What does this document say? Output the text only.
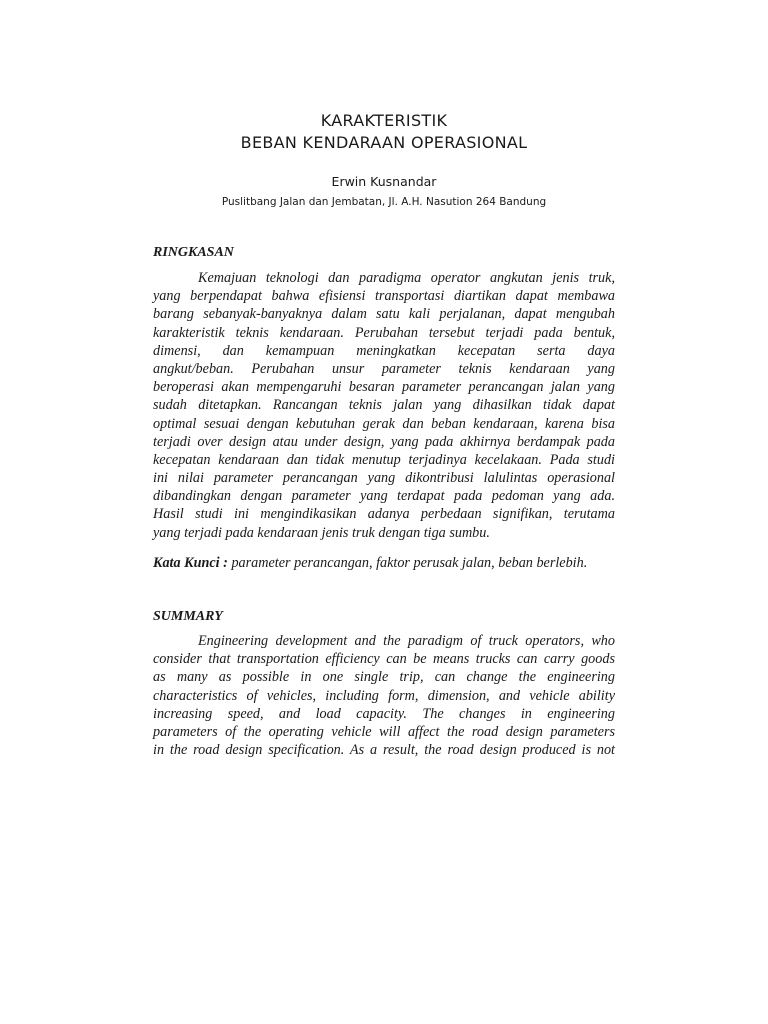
KARAKTERISTIK
BEBAN KENDARAAN OPERASIONAL
Erwin Kusnandar
Puslitbang Jalan dan Jembatan, Jl. A.H. Nasution 264 Bandung
RINGKASAN
Kemajuan teknologi dan paradigma operator angkutan jenis truk,
yang berpendapat bahwa efisiensi transportasi diartikan dapat membawa
barang sebanyak-banyaknya dalam satu kali perjalanan, dapat mengubah
karakteristik teknis kendaraan. Perubahan tersebut terjadi pada bentuk,
dimensi, dan kemampuan meningkatkan kecepatan serta daya
angkut/beban. Perubahan unsur parameter teknis kendaraan yang
beroperasi akan mempengaruhi besaran parameter perancangan jalan yang
sudah ditetapkan. Rancangan teknis jalan yang dihasilkan tidak dapat
optimal sesuai dengan kebutuhan gerak dan beban kendaraan, karena bisa
terjadi over design atau under design, yang pada akhirnya berdampak pada
kecepatan kendaraan dan tidak menutup terjadinya kecelakaan. Pada studi
ini nilai parameter perancangan yang dikontribusi lalulintas operasional
dibandingkan dengan parameter yang terdapat pada pedoman yang ada.
Hasil studi ini mengindikasikan adanya perbedaan signifikan, terutama
yang terjadi pada kendaraan jenis truk dengan tiga sumbu.
Kata Kunci : parameter perancangan, faktor perusak jalan, beban berlebih.
SUMMARY
Engineering development and the paradigm of truck operators, who
consider that transportation efficiency can be means trucks can carry goods
as many as possible in one single trip, can change the engineering
characteristics of vehicles, including form, dimension, and vehicle ability
increasing speed, and load capacity. The changes in engineering
parameters of the operating vehicle will affect the road design parameters
in the road design specification. As a result, the road design produced is not
